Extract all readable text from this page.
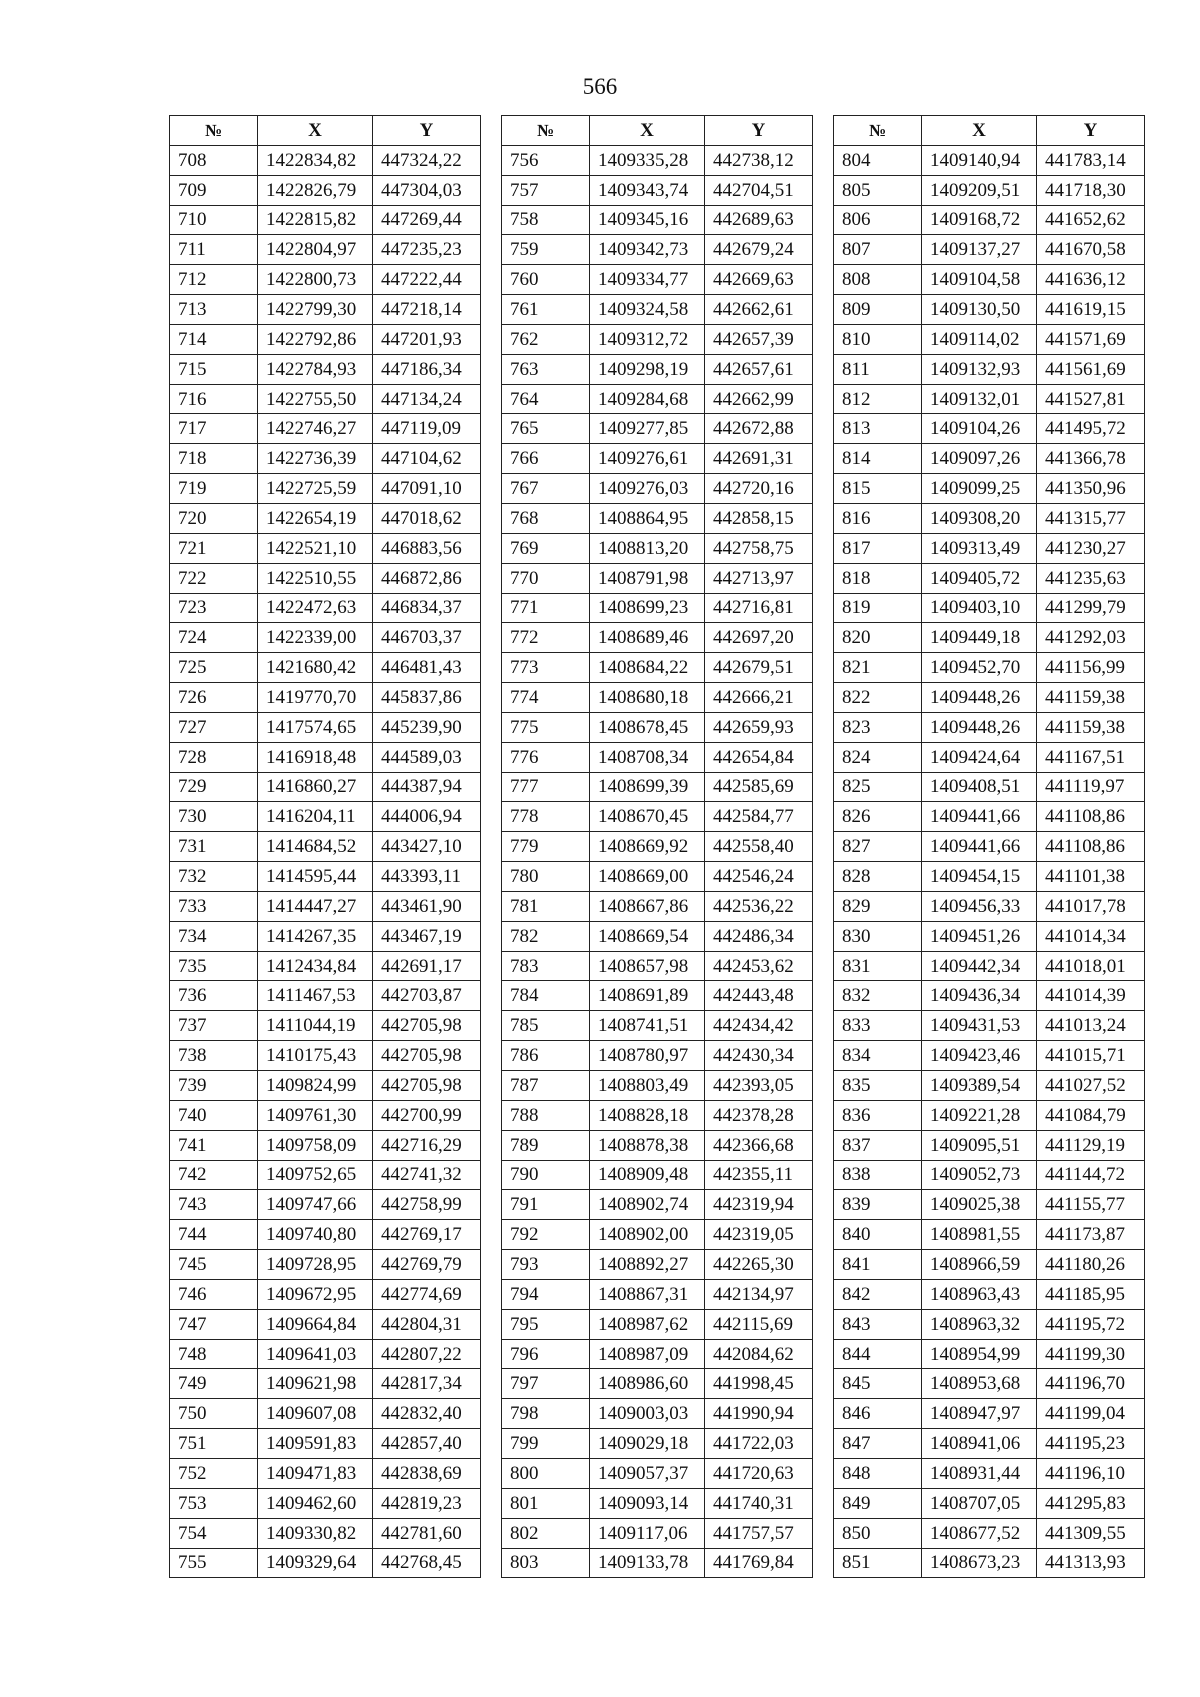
566
№	X	Y
708	1422834,82	447324,22
709	1422826,79	447304,03
710	1422815,82	447269,44
711	1422804,97	447235,23
712	1422800,73	447222,44
713	1422799,30	447218,14
714	1422792,86	447201,93
715	1422784,93	447186,34
716	1422755,50	447134,24
717	1422746,27	447119,09
718	1422736,39	447104,62
719	1422725,59	447091,10
720	1422654,19	447018,62
721	1422521,10	446883,56
722	1422510,55	446872,86
723	1422472,63	446834,37
724	1422339,00	446703,37
725	1421680,42	446481,43
726	1419770,70	445837,86
727	1417574,65	445239,90
728	1416918,48	444589,03
729	1416860,27	444387,94
730	1416204,11	444006,94
731	1414684,52	443427,10
732	1414595,44	443393,11
733	1414447,27	443461,90
734	1414267,35	443467,19
735	1412434,84	442691,17
736	1411467,53	442703,87
737	1411044,19	442705,98
738	1410175,43	442705,98
739	1409824,99	442705,98
740	1409761,30	442700,99
741	1409758,09	442716,29
742	1409752,65	442741,32
743	1409747,66	442758,99
744	1409740,80	442769,17
745	1409728,95	442769,79
746	1409672,95	442774,69
747	1409664,84	442804,31
748	1409641,03	442807,22
749	1409621,98	442817,34
750	1409607,08	442832,40
751	1409591,83	442857,40
752	1409471,83	442838,69
753	1409462,60	442819,23
754	1409330,82	442781,60
755	1409329,64	442768,45
№	X	Y
756	1409335,28	442738,12
757	1409343,74	442704,51
758	1409345,16	442689,63
759	1409342,73	442679,24
760	1409334,77	442669,63
761	1409324,58	442662,61
762	1409312,72	442657,39
763	1409298,19	442657,61
764	1409284,68	442662,99
765	1409277,85	442672,88
766	1409276,61	442691,31
767	1409276,03	442720,16
768	1408864,95	442858,15
769	1408813,20	442758,75
770	1408791,98	442713,97
771	1408699,23	442716,81
772	1408689,46	442697,20
773	1408684,22	442679,51
774	1408680,18	442666,21
775	1408678,45	442659,93
776	1408708,34	442654,84
777	1408699,39	442585,69
778	1408670,45	442584,77
779	1408669,92	442558,40
780	1408669,00	442546,24
781	1408667,86	442536,22
782	1408669,54	442486,34
783	1408657,98	442453,62
784	1408691,89	442443,48
785	1408741,51	442434,42
786	1408780,97	442430,34
787	1408803,49	442393,05
788	1408828,18	442378,28
789	1408878,38	442366,68
790	1408909,48	442355,11
791	1408902,74	442319,94
792	1408902,00	442319,05
793	1408892,27	442265,30
794	1408867,31	442134,97
795	1408987,62	442115,69
796	1408987,09	442084,62
797	1408986,60	441998,45
798	1409003,03	441990,94
799	1409029,18	441722,03
800	1409057,37	441720,63
801	1409093,14	441740,31
802	1409117,06	441757,57
803	1409133,78	441769,84
№	X	Y
804	1409140,94	441783,14
805	1409209,51	441718,30
806	1409168,72	441652,62
807	1409137,27	441670,58
808	1409104,58	441636,12
809	1409130,50	441619,15
810	1409114,02	441571,69
811	1409132,93	441561,69
812	1409132,01	441527,81
813	1409104,26	441495,72
814	1409097,26	441366,78
815	1409099,25	441350,96
816	1409308,20	441315,77
817	1409313,49	441230,27
818	1409405,72	441235,63
819	1409403,10	441299,79
820	1409449,18	441292,03
821	1409452,70	441156,99
822	1409448,26	441159,38
823	1409448,26	441159,38
824	1409424,64	441167,51
825	1409408,51	441119,97
826	1409441,66	441108,86
827	1409441,66	441108,86
828	1409454,15	441101,38
829	1409456,33	441017,78
830	1409451,26	441014,34
831	1409442,34	441018,01
832	1409436,34	441014,39
833	1409431,53	441013,24
834	1409423,46	441015,71
835	1409389,54	441027,52
836	1409221,28	441084,79
837	1409095,51	441129,19
838	1409052,73	441144,72
839	1409025,38	441155,77
840	1408981,55	441173,87
841	1408966,59	441180,26
842	1408963,43	441185,95
843	1408963,32	441195,72
844	1408954,99	441199,30
845	1408953,68	441196,70
846	1408947,97	441199,04
847	1408941,06	441195,23
848	1408931,44	441196,10
849	1408707,05	441295,83
850	1408677,52	441309,55
851	1408673,23	441313,93
